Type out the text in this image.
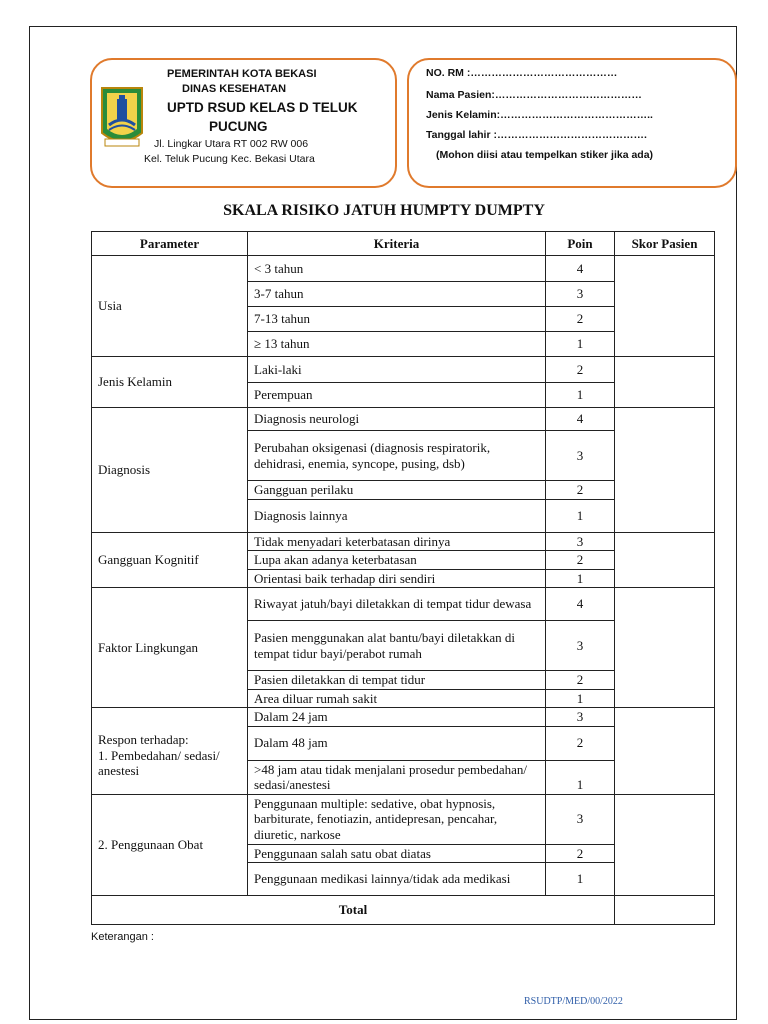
PEMERINTAH KOTA BEKASI
DINAS KESEHATAN
UPTD RSUD KELAS D TELUK
PUCUNG
Jl. Lingkar Utara RT 002 RW 006
Kel. Teluk Pucung Kec. Bekasi Utara
NO. RM :……………………………………
Nama Pasien:……………………………………
Jenis Kelamin:……………………………………..
Tanggal lahir :…………………………………….
(Mohon diisi atau tempelkan stiker jika ada)
SKALA RISIKO JATUH HUMPTY DUMPTY
Parameter	Kriteria	Poin	Skor Pasien
Usia	< 3 tahun	4	
	3-7 tahun	3	
	7-13 tahun	2	
	≥ 13 tahun	1	
Jenis Kelamin	Laki-laki	2	
	Perempuan	1	
Diagnosis	Diagnosis neurologi	4	
	Perubahan oksigenasi (diagnosis respiratorik, dehidrasi, enemia, syncope, pusing, dsb)	3	
	Gangguan perilaku	2	
	Diagnosis lainnya	1	
Gangguan Kognitif	Tidak menyadari keterbatasan dirinya	3	
	Lupa akan adanya keterbatasan	2	
	Orientasi baik terhadap diri sendiri	1	
Faktor Lingkungan	Riwayat jatuh/bayi diletakkan di tempat tidur dewasa	4	
	Pasien menggunakan alat bantu/bayi diletakkan di tempat tidur bayi/perabot rumah	3	
	Pasien diletakkan di tempat tidur	2	
	Area diluar rumah sakit	1	

Respon terhadap:
1. Pembedahan/ sedasi/ anestesi	Dalam 24 jam	3	
	Dalam 48 jam	2	
	>48 jam atau tidak menjalani prosedur pembedahan/ sedasi/anestesi	1	
2. Penggunaan Obat	Penggunaan multiple: sedative, obat hypnosis, barbiturate, fenotiazin, antidepresan, pencahar, diuretic, narkose	3	
	Penggunaan salah satu obat diatas	2	
	Penggunaan medikasi lainnya/tidak ada medikasi	1	
Total			
Keterangan :
RSUDTP/MED/00/2022
